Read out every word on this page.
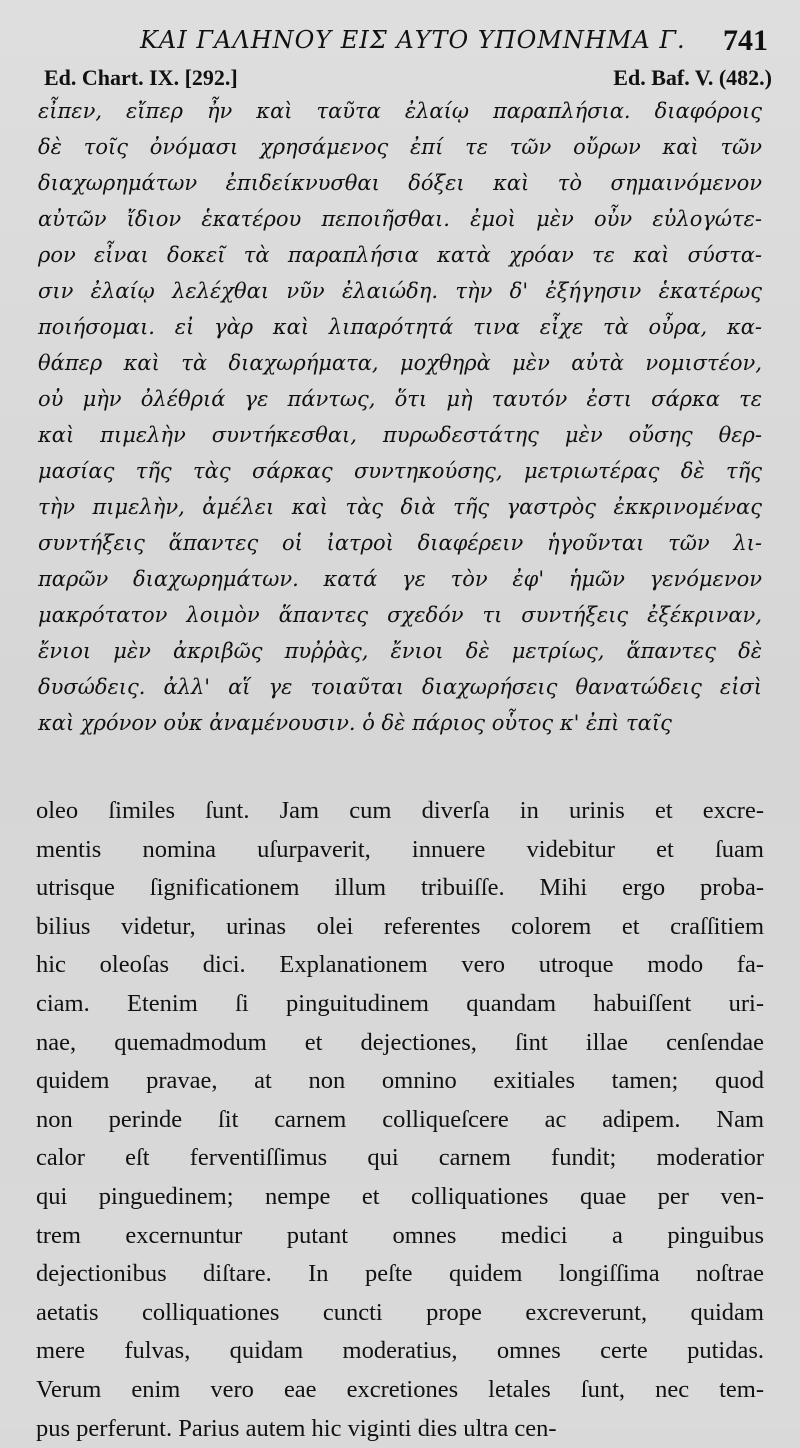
ΚΑΙ ΓΑΛΗΝΟΥ ΕΙΣ ΑΥΤΟ ΥΠΟΜΝΗΜΑ Γ. 741
Ed. Chart. IX. [292.]	Ed. Baf. V. (482.)
εἶπεν, εἴπερ ἦν καὶ ταῦτα ἐλαίῳ παραπλήσια. διαφόροις
δὲ τοῖς ὀνόμασι χρησάμενος ἐπί τε τῶν οὔρων καὶ τῶν
διαχωρημάτων ἐπιδείκνυσθαι δόξει καὶ τὸ σημαινόμενον
αὐτῶν ἴδιον ἑκατέρου πεποιῆσθαι. ἐμοὶ μὲν οὖν εὐλογώτε-
ρον εἶναι δοκεῖ τὰ παραπλήσια κατὰ χρόαν τε καὶ σύστα-
σιν ἐλαίῳ λελέχθαι νῦν ἐλαιώδη. τὴν δ' ἐξήγησιν ἑκατέρως
ποιήσομαι. εἰ γὰρ καὶ λιπαρότητά τινα εἶχε τὰ οὖρα, κα-
θάπερ καὶ τὰ διαχωρήματα, μοχθηρὰ μὲν αὐτὰ νομιστέον,
οὐ μὴν ὀλέθριά γε πάντως, ὅτι μὴ ταυτόν ἐστι σάρκα τε
καὶ πιμελὴν συντήκεσθαι, πυρωδεστάτης μὲν οὔσης θερ-
μασίας τῆς τὰς σάρκας συντηκούσης, μετριωτέρας δὲ τῆς
τὴν πιμελὴν, ἀμέλει καὶ τὰς διὰ τῆς γαστρὸς ἐκκρινομένας
συντήξεις ἅπαντες οἱ ἰατροὶ διαφέρειν ἡγοῦνται τῶν λι-
παρῶν διαχωρημάτων. κατά γε τὸν ἐφ' ἡμῶν γενόμενον
μακρότατον λοιμὸν ἅπαντες σχεδόν τι συντήξεις ἐξέκριναν,
ἔνιοι μὲν ἀκριβῶς πυῤῥὰς, ἔνιοι δὲ μετρίως, ἅπαντες δὲ
δυσώδεις. ἀλλ' αἵ γε τοιαῦται διαχωρήσεις θανατώδεις εἰσὶ
καὶ χρόνον οὐκ ἀναμένουσιν. ὁ δὲ πάριος οὗτος κ' ἐπὶ ταῖς
oleo ſimiles ſunt. Jam cum diverſa in urinis et excre-
mentis nomina uſurpaverit, innuere videbitur et ſuam
utrisque ſignificationem illum tribuiſſe. Mihi ergo proba-
bilius videtur, urinas olei referentes colorem et craſſitiem
hic oleoſas dici. Explanationem vero utroque modo fa-
ciam. Etenim ſi pinguitudinem quandam habuiſſent uri-
nae, quemadmodum et dejectiones, ſint illae cenſendae
quidem pravae, at non omnino exitiales tamen; quod
non perinde ſit carnem colliqueſcere ac adipem. Nam
calor eſt ferventiſſimus qui carnem fundit; moderatior
qui pinguedinem; nempe et colliquationes quae per ven-
trem excernuntur putant omnes medici a pinguibus
dejectionibus diſtare. In peſte quidem longiſſima noſtrae
aetatis colliquationes cuncti prope excreverunt, quidam
mere fulvas, quidam moderatius, omnes certe putidas.
Verum enim vero eae excretiones letales ſunt, nec tem-
pus perferunt. Parius autem hic viginti dies ultra cen-
